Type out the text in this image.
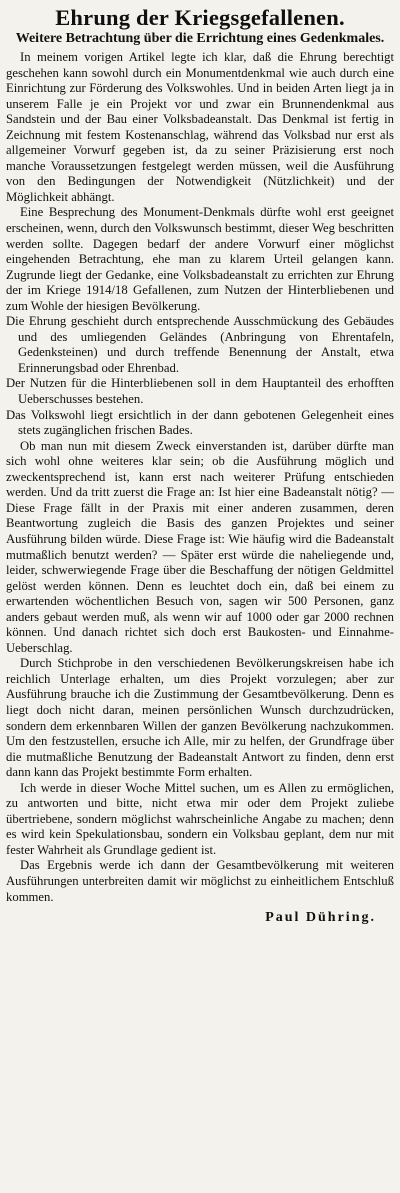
Ehrung der Kriegsgefallenen.
Weitere Betrachtung über die Errichtung eines Gedenkmales.

In meinem vorigen Artikel legte ich klar, daß die Ehrung berechtigt geschehen kann sowohl durch ein Monumentdenkmal wie auch durch eine Einrichtung zur Förderung des Volkswohles. Und in beiden Arten liegt ja in unserem Falle je ein Projekt vor und zwar ein Brunnendenkmal aus Sandstein und der Bau einer Volksbadeanstalt. Das Denkmal ist fertig in Zeichnung mit festem Kostenanschlag, während das Volksbad nur erst als allgemeiner Vorwurf gegeben ist, da zu seiner Präzisierung erst noch manche Voraussetzungen festgelegt werden müssen, weil die Ausführung von den Bedingungen der Notwendigkeit (Nützlichkeit) und der Möglichkeit abhängt.

Eine Besprechung des Monument-Denkmals dürfte wohl erst geeignet erscheinen, wenn, durch den Volkswunsch bestimmt, dieser Weg beschritten werden sollte. Dagegen bedarf der andere Vorwurf einer möglichst eingehenden Betrachtung, ehe man zu klarem Urteil gelangen kann. Zugrunde liegt der Gedanke, eine Volksbadeanstalt zu errichten zur Ehrung der im Kriege 1914/18 Gefallenen, zum Nutzen der Hinterbliebenen und zum Wohle der hiesigen Bevölkerung.

Die Ehrung geschieht durch entsprechende Ausschmückung des Gebäudes und des umliegenden Geländes (Anbringung von Ehrentafeln, Gedenksteinen) und durch treffende Benennung der Anstalt, etwa Erinnerungsbad oder Ehrenbad.

Der Nutzen für die Hinterbliebenen soll in dem Hauptanteil des erhofften Ueberschusses bestehen.

Das Volkswohl liegt ersichtlich in der dann gebotenen Gelegenheit eines stets zugänglichen frischen Bades.

Ob man nun mit diesem Zweck einverstanden ist, darüber dürfte man sich wohl ohne weiteres klar sein; ob die Ausführung möglich und zweckentsprechend ist, kann erst nach weiterer Prüfung entschieden werden. Und da tritt zuerst die Frage an: Ist hier eine Badeanstalt nötig? — Diese Frage fällt in der Praxis mit einer anderen zusammen, deren Beantwortung zugleich die Basis des ganzen Projektes und seiner Ausführung bilden würde. Diese Frage ist: Wie häufig wird die Badeanstalt mutmaßlich benutzt werden? — Später erst würde die naheliegende und, leider, schwerwiegende Frage über die Beschaffung der nötigen Geldmittel gelöst werden können. Denn es leuchtet doch ein, daß bei einem zu erwartenden wöchentlichen Besuch von, sagen wir 500 Personen, ganz anders gebaut werden muß, als wenn wir auf 1000 oder gar 2000 rechnen können. Und danach richtet sich doch erst Baukosten- und Einnahme-Ueberschlag.

Durch Stichprobe in den verschiedenen Bevölkerungskreisen habe ich reichlich Unterlage erhalten, um dies Projekt vorzulegen; aber zur Ausführung brauche ich die Zustimmung der Gesamtbevölkerung. Denn es liegt doch nicht daran, meinen persönlichen Wunsch durchzudrücken, sondern dem erkennbaren Willen der ganzen Bevölkerung nachzukommen. Um den festzustellen, ersuche ich Alle, mir zu helfen, der Grundfrage über die mutmaßliche Benutzung der Badeanstalt Antwort zu finden, denn erst dann kann das Projekt bestimmte Form erhalten.

Ich werde in dieser Woche Mittel suchen, um es Allen zu ermöglichen, zu antworten und bitte, nicht etwa mir oder dem Projekt zuliebe übertriebene, sondern möglichst wahrscheinliche Angabe zu machen; denn es wird kein Spekulationsbau, sondern ein Volksbau geplant, dem nur mit fester Wahrheit als Grundlage gedient ist.

Das Ergebnis werde ich dann der Gesamtbevölkerung mit weiteren Ausführungen unterbreiten damit wir möglichst zu einheitlichem Entschluß kommen.

Paul Dühring.
